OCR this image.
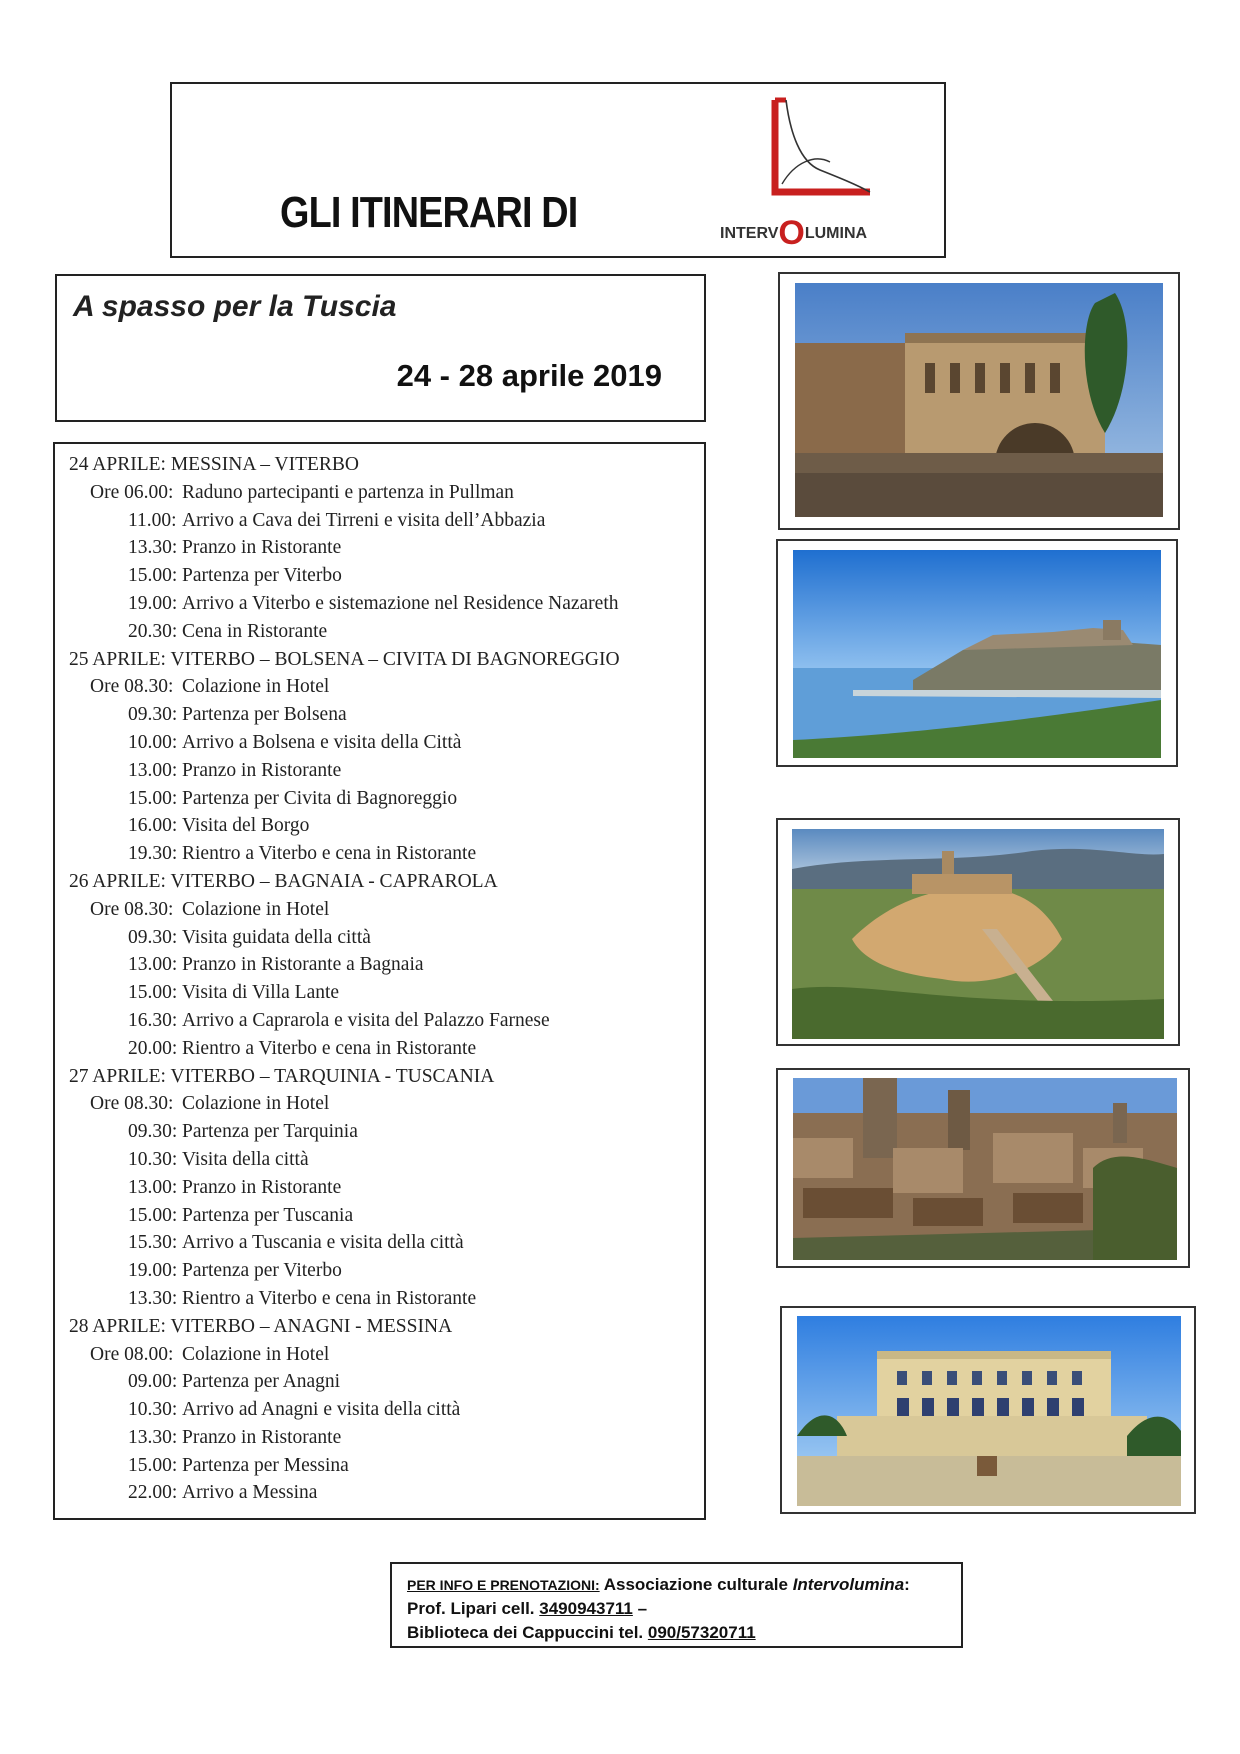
GLI ITINERARI DI	INTERVOLUMINA
A spasso per la Tuscia
24 - 28 aprile 2019
24 APRILE: MESSINA – VITERBO
Ore 06.00: Raduno partecipanti e partenza in Pullman
11.00: Arrivo a Cava dei Tirreni e visita dell’Abbazia
13.30: Pranzo in Ristorante
15.00: Partenza per Viterbo
19.00: Arrivo a Viterbo e sistemazione nel Residence Nazareth
20.30: Cena in Ristorante
25 APRILE: VITERBO – BOLSENA – CIVITA DI BAGNOREGGIO
Ore 08.30: Colazione in Hotel
09.30: Partenza per Bolsena
10.00: Arrivo a Bolsena e visita della Città
13.00: Pranzo in Ristorante
15.00: Partenza per Civita di Bagnoreggio
16.00: Visita del Borgo
19.30: Rientro a Viterbo e cena in Ristorante
26 APRILE: VITERBO – BAGNAIA - CAPRAROLA
Ore 08.30: Colazione in Hotel
09.30: Visita guidata della città
13.00: Pranzo in Ristorante a Bagnaia
15.00: Visita di Villa Lante
16.30: Arrivo a Caprarola e visita del Palazzo Farnese
20.00: Rientro a Viterbo e cena in Ristorante
27 APRILE: VITERBO – TARQUINIA - TUSCANIA
Ore 08.30: Colazione in Hotel
09.30: Partenza per Tarquinia
10.30: Visita della città
13.00: Pranzo in Ristorante
15.00: Partenza per Tuscania
15.30: Arrivo a Tuscania e visita della città
19.00: Partenza per Viterbo
13.30: Rientro a Viterbo e cena in Ristorante
28 APRILE: VITERBO – ANAGNI - MESSINA
Ore 08.00: Colazione in Hotel
09.00: Partenza per Anagni
10.30: Arrivo ad Anagni e visita della città
13.30: Pranzo in Ristorante
15.00: Partenza per Messina
22.00: Arrivo a Messina
PER INFO E PRENOTAZIONI: Associazione culturale Intervolumina:
Prof. Lipari cell. 3490943711 –
Biblioteca dei Cappuccini tel. 090/57320711
